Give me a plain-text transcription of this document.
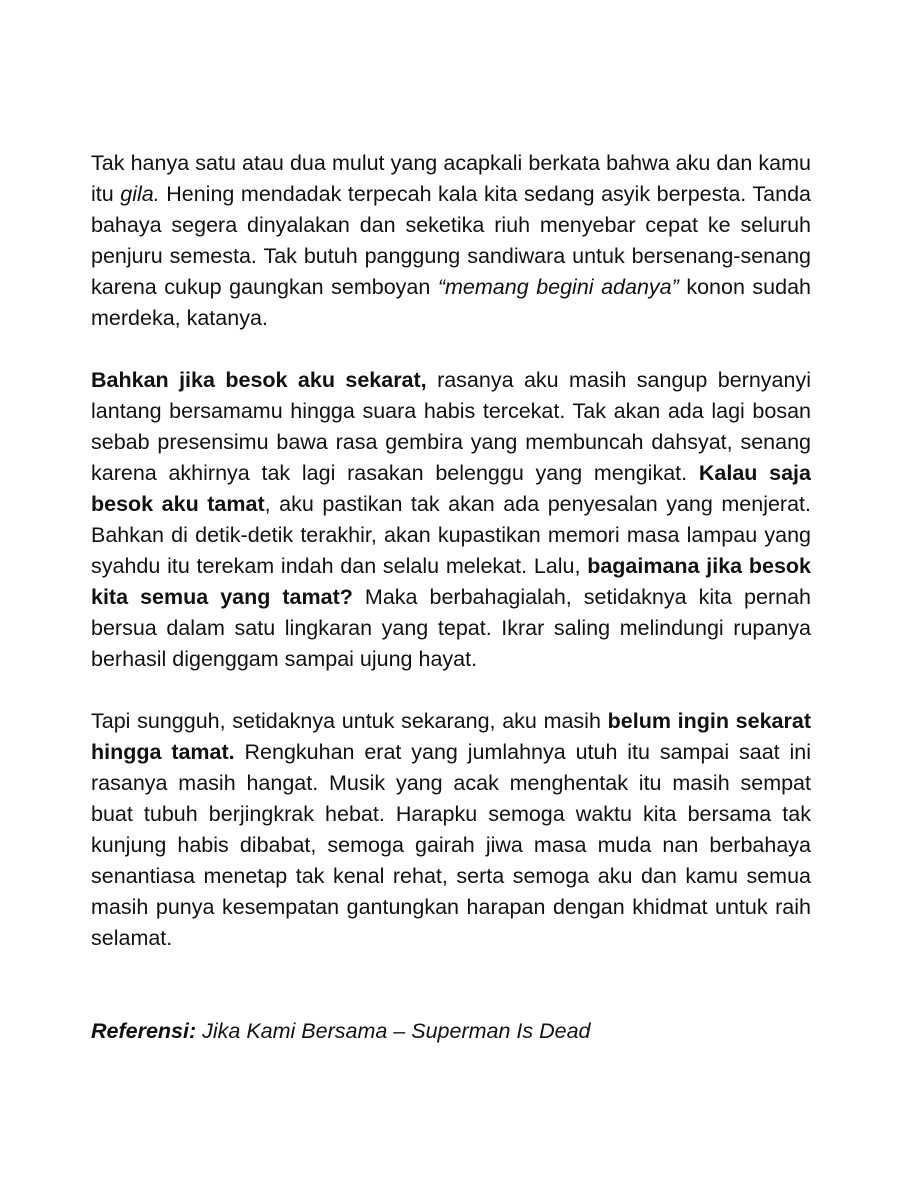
Tak hanya satu atau dua mulut yang acapkali berkata bahwa aku dan kamu itu gila. Hening mendadak terpecah kala kita sedang asyik berpesta. Tanda bahaya segera dinyalakan dan seketika riuh menyebar cepat ke seluruh penjuru semesta. Tak butuh panggung sandiwara untuk bersenang-senang karena cukup gaungkan semboyan “memang begini adanya” konon sudah merdeka, katanya.

Bahkan jika besok aku sekarat, rasanya aku masih sangup bernyanyi lantang bersamamu hingga suara habis tercekat. Tak akan ada lagi bosan sebab presensimu bawa rasa gembira yang membuncah dahsyat, senang karena akhirnya tak lagi rasakan belenggu yang mengikat. Kalau saja besok aku tamat, aku pastikan tak akan ada penyesalan yang menjerat. Bahkan di detik-detik terakhir, akan kupastikan memori masa lampau yang syahdu itu terekam indah dan selalu melekat. Lalu, bagaimana jika besok kita semua yang tamat? Maka berbahagialah, setidaknya kita pernah bersua dalam satu lingkaran yang tepat. Ikrar saling melindungi rupanya berhasil digenggam sampai ujung hayat.

Tapi sungguh, setidaknya untuk sekarang, aku masih belum ingin sekarat hingga tamat. Rengkuhan erat yang jumlahnya utuh itu sampai saat ini rasanya masih hangat. Musik yang acak menghentak itu masih sempat buat tubuh berjingkrak hebat. Harapku semoga waktu kita bersama tak kunjung habis dibabat, semoga gairah jiwa masa muda nan berbahaya senantiasa menetap tak kenal rehat, serta semoga aku dan kamu semua masih punya kesempatan gantungkan harapan dengan khidmat untuk raih selamat.

Referensi: Jika Kami Bersama – Superman Is Dead
